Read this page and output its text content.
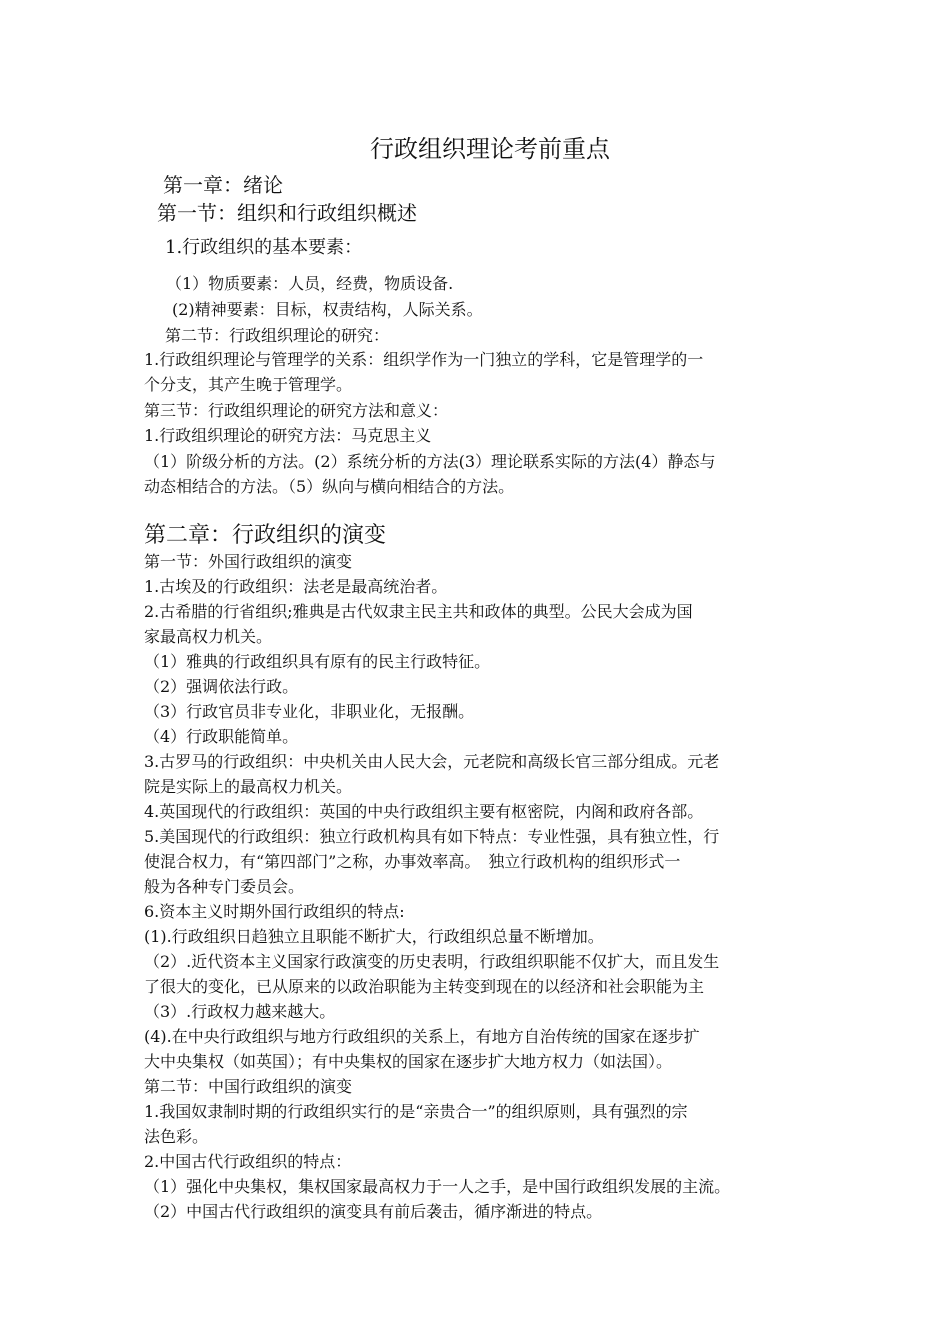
行政组织理论考前重点
第一章：绪论
第一节：组织和行政组织概述
1.行政组织的基本要素：
（1）物质要素：人员，经费，物质设备.
(2)精神要素：目标，权责结构，人际关系。
第二节：行政组织理论的研究：
1.行政组织理论与管理学的关系：组织学作为一门独立的学科，它是管理学的一
个分支，其产生晚于管理学。
第三节：行政组织理论的研究方法和意义：
1.行政组织理论的研究方法：马克思主义
（1）阶级分析的方法。(2）系统分析的方法(3）理论联系实际的方法(4）静态与
动态相结合的方法。（5）纵向与横向相结合的方法。
第二章：行政组织的演变
第一节：外国行政组织的演变
1.古埃及的行政组织：法老是最高统治者。
2.古希腊的行省组织;雅典是古代奴隶主民主共和政体的典型。公民大会成为国
家最高权力机关。
（1）雅典的行政组织具有原有的民主行政特征。
（2）强调依法行政。
（3）行政官员非专业化，非职业化，无报酬。
（4）行政职能简单。
3.古罗马的行政组织：中央机关由人民大会，元老院和高级长官三部分组成。元老
院是实际上的最高权力机关。
4.英国现代的行政组织：英国的中央行政组织主要有枢密院，内阁和政府各部。
5.美国现代的行政组织：独立行政机构具有如下特点：专业性强，具有独立性，行
使混合权力，有“第四部门”之称，办事效率高。　独立行政机构的组织形式一
般为各种专门委员会。
6.资本主义时期外国行政组织的特点:
(1).行政组织日趋独立且职能不断扩大，行政组织总量不断增加。
（2）.近代资本主义国家行政演变的历史表明，行政组织职能不仅扩大，而且发生
了很大的变化，已从原来的以政治职能为主转变到现在的以经济和社会职能为主
（3）.行政权力越来越大。
(4).在中央行政组织与地方行政组织的关系上，有地方自治传统的国家在逐步扩
大中央集权（如英国）；有中央集权的国家在逐步扩大地方权力（如法国）。
第二节：中国行政组织的演变
1.我国奴隶制时期的行政组织实行的是“亲贵合一”的组织原则，具有强烈的宗
法色彩。
2.中国古代行政组织的特点：
（1）强化中央集权，集权国家最高权力于一人之手，是中国行政组织发展的主流。
（2）中国古代行政组织的演变具有前后袭击，循序渐进的特点。
